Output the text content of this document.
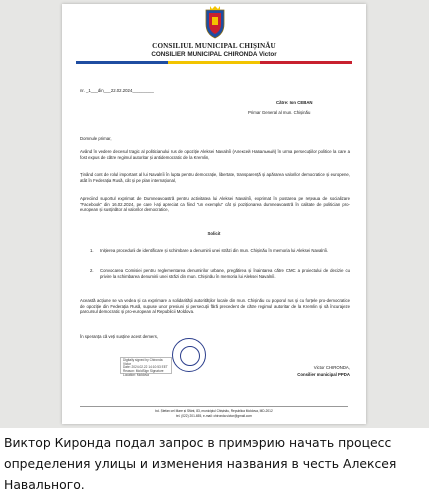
CONSILIUL MUNICIPAL CHIȘINĂU
CONSILIER MUNICIPAL CHIRONDA Victor
nr. _1___din___22.02.2024_________
Către: Ion CEBAN
Primar General al mun. Chișinău
Domnule primar,
Având în vedere decesul tragic al politicianului rus de opoziție Aleksei Navalnîi (Алексей Навальный) în urma persecuțiilor politice la care a fost expus de către regimul autoritar și antidemocratic de la Kremlin,
Ținând cont de rolul important al lui Navalnîi în lupta pentru democrație, libertate, transparență și apărarea valorilor democratice și europene, atât în Federația Rusă, cât și pe plan internațional,
Apreciind suportul exprimat de Dumneavoastră pentru activitatea lui Aleksei Navalnîi, exprimat în postarea pe rețeaua de socializare "Facebook" din 16.02.2024, pe care l-ați apreciat ca fiind "un exemplu" cât și poziționarea dumneavoastră în calitate de politician pro-european și susținător al valorilor democratice,
Solicit
1. Inițierea procedurii de identificare și schimbare a denumirii unei străzi din mun. Chișinău în memoria lui Aleksei Navalnîi.
2. Convocarea Comisiei pentru reglementarea denumirilor urbane, pregătirea și înaintarea către CMC a proiectului de decizie cu privire la schimbarea denumirii unei străzi din mun. Chișinău în memoria lui Aleksei Navalnîi.
Această acțiune se va vedea și ca exprimare a solidarității autorităților locale din mun. Chișinău cu poporul rus și cu forțele pro-democratice de opoziție din Federația Rusă, supuse unor presiuni și persecuții fără precedent de către regimul autoritar de la Kremlin și să încurajeze parcursul democratic și pro-european al Republicii Moldova.
În speranța că veți susține acest demers,
Digitally signed by Chironda Victor
Date: 2024.02.22 14:10:53 EET
Reason: MoldSign Signature
Location: Moldova
Victor CHIRONDA,
Consilier municipal PPDA
bd. Ștefan cel Mare și Sfânt, 83, municipiul Chișinău, Republica Moldova, MD-2012
tel. (022) 201-655, e-mail: chironda.victor@gmail.com
Виктор Киронда подал запрос в примэрию начать процесс определения улицы и изменения названия в честь Алексея Навального.
